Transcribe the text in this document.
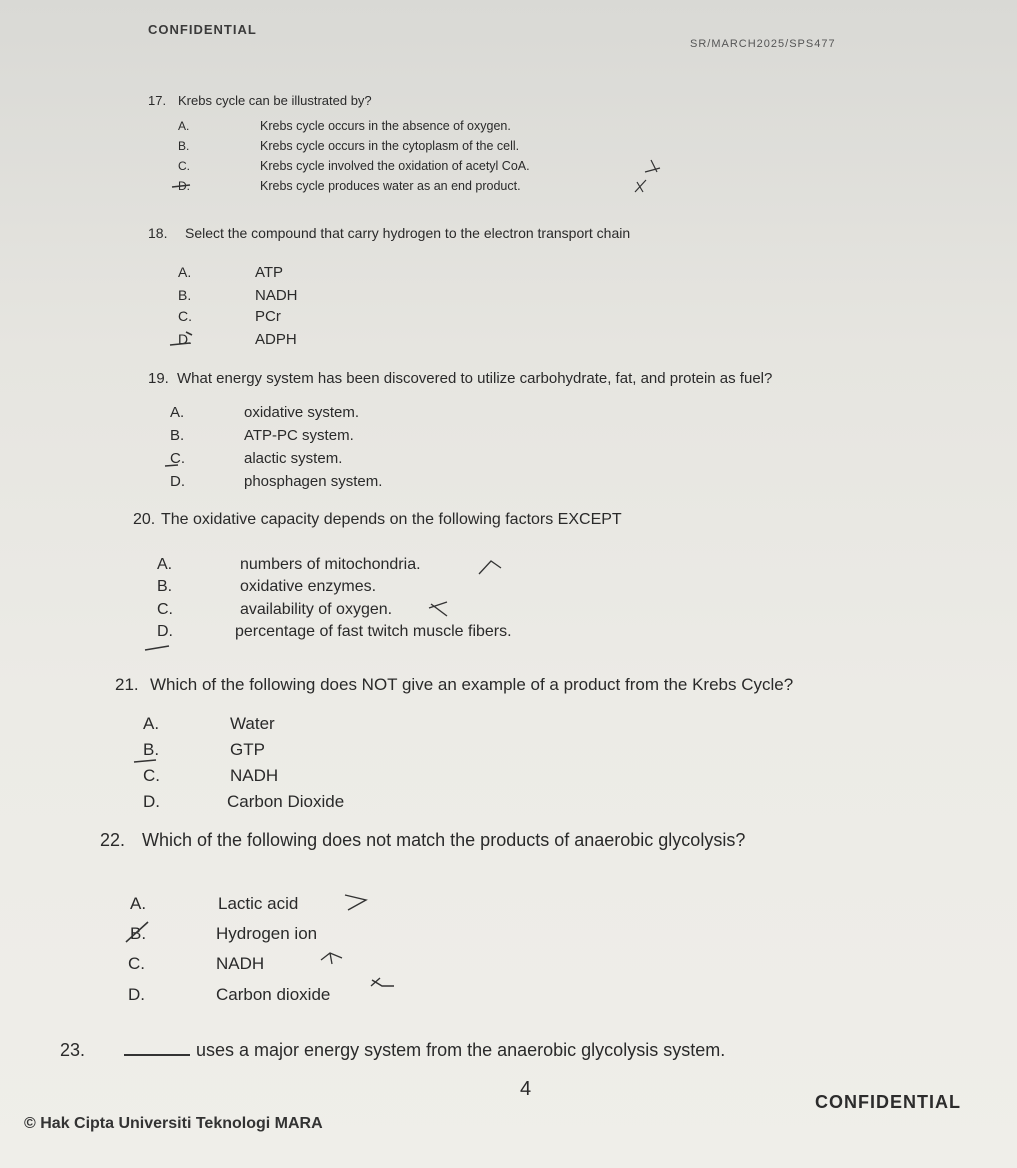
CONFIDENTIAL
SR/MARCH2025/SPS477
17. Krebs cycle can be illustrated by?
A.	Krebs cycle occurs in the absence of oxygen.
B.	Krebs cycle occurs in the cytoplasm of the cell.
C.	Krebs cycle involved the oxidation of acetyl CoA.
D.	Krebs cycle produces water as an end product.
18. Select the compound that carry hydrogen to the electron transport chain
A.	ATP
B.	NADH
C.	PCr
D.	ADPH
19. What energy system has been discovered to utilize carbohydrate, fat, and protein as fuel?
A.	oxidative system.
B.	ATP-PC system.
C.	alactic system.
D.	phosphagen system.
20. The oxidative capacity depends on the following factors EXCEPT
A.	numbers of mitochondria.
B.	oxidative enzymes.
C.	availability of oxygen.
D.	percentage of fast twitch muscle fibers.
21. Which of the following does NOT give an example of a product from the Krebs Cycle?
A.	Water
B.	GTP
C.	NADH
D.	Carbon Dioxide
22. Which of the following does not match the products of anaerobic glycolysis?
A.	Lactic acid
B.	Hydrogen ion
C.	NADH
D.	Carbon dioxide
23.	uses a major energy system from the anaerobic glycolysis system.
4
CONFIDENTIAL
© Hak Cipta Universiti Teknologi MARA
